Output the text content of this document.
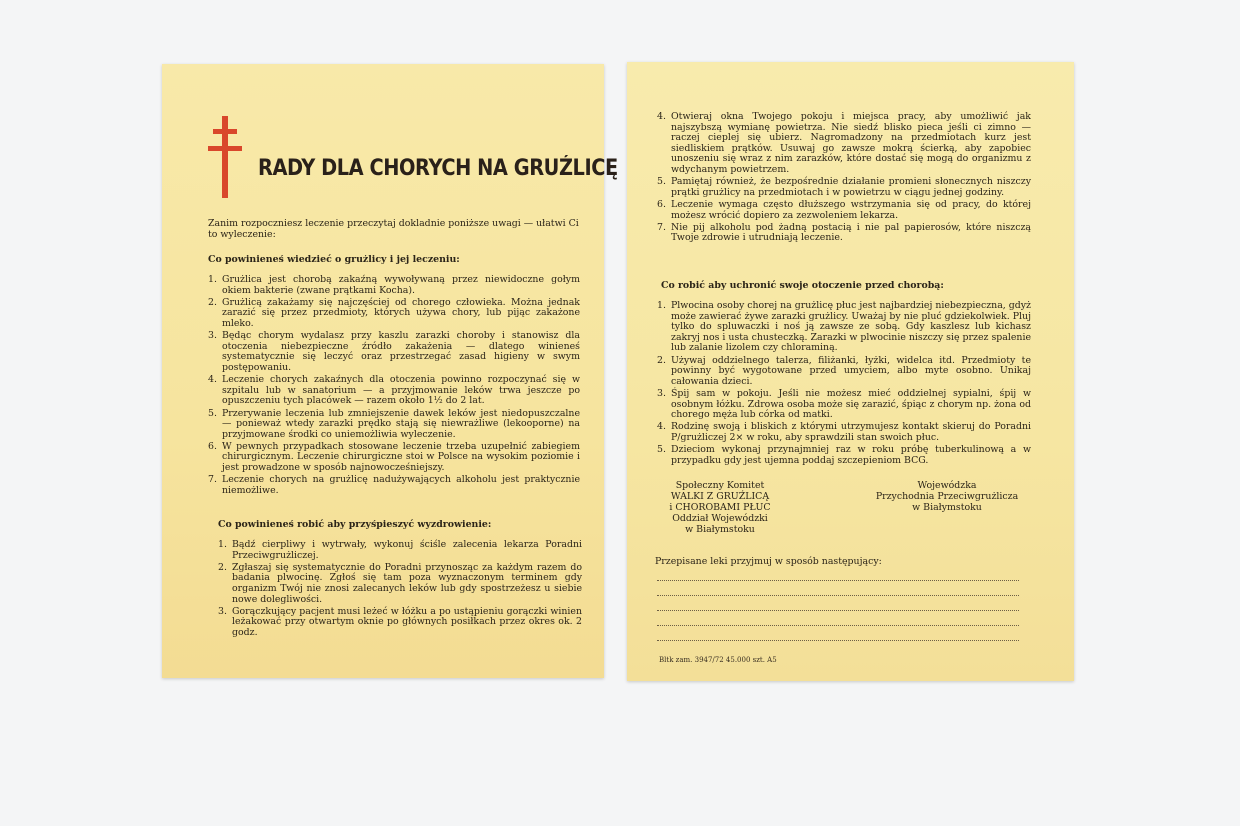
RADY DLA CHORYCH NA GRUŹLICĘ
Zanim rozpoczniesz leczenie przeczytaj dokladnie poniższe uwagi — ułatwi Ci to wyleczenie:
Co powinieneś wiedzieć o grużlicy i jej leczeniu:
1. Grużlica jest chorobą zakaźną wywoływaną przez niewidoczne gołym okiem bakterie (zwane prątkami Kocha).
2. Grużlicą zakażamy się najczęściej od chorego człowieka. Można jednak zarazić się przez przedmioty, których używa chory, lub pijąc zakażone mleko.
3. Będąc chorym wydalasz przy kaszlu zarazki choroby i stanowisz dla otoczenia niebezpieczne źródło zakażenia — dlatego winieneś systematycznie się leczyć oraz przestrzegać zasad higieny w swym postępowaniu.
4. Leczenie chorych zakaźnych dla otoczenia powinno rozpoczynać się w szpitalu lub w sanatorium — a przyjmowanie leków trwa jeszcze po opuszczeniu tych placówek — razem około 1½ do 2 lat.
5. Przerywanie leczenia lub zmniejszenie dawek leków jest niedopuszczalne — ponieważ wtedy zarazki prędko stają się niewrażliwe (lekooporne) na przyjmowane środki co uniemożliwia wyleczenie.
6. W pewnych przypadkach stosowane leczenie trzeba uzupełnić zabiegiem chirurgicznym. Leczenie chirurgiczne stoi w Polsce na wysokim poziomie i jest prowadzone w sposób najnowocześniejszy.
7. Leczenie chorych na grużlicę nadużywających alkoholu jest praktycznie niemożliwe.
Co powinieneś robić aby przyśpieszyć wyzdrowienie:
1. Bądź cierpliwy i wytrwały, wykonuj ściśle zalecenia lekarza Poradni Przeciwgrużliczej.
2. Zgłaszaj się systematycznie do Poradni przynosząc za każdym razem do badania plwocinę. Zgłoś się tam poza wyznaczonym terminem gdy organizm Twój nie znosi zalecanych leków lub gdy spostrzeżesz u siebie nowe dolegliwości.
3. Gorączkujący pacjent musi leżeć w łóżku a po ustąpieniu gorączki winien leżakować przy otwartym oknie po głównych posiłkach przez okres ok. 2 godz.
4. Otwieraj okna Twojego pokoju i miejsca pracy, aby umożliwić jak najszybszą wymianę powietrza. Nie siedź blisko pieca jeśli ci zimno — raczej cieplej się ubierz. Nagromadzony na przedmiotach kurz jest siedliskiem prątków. Usuwaj go zawsze mokrą ścierką, aby zapobiec unoszeniu się wraz z nim zarazków, które dostać się mogą do organizmu z wdychanym powietrzem.
5. Pamiętaj również, że bezpośrednie działanie promieni słonecznych niszczy prątki grużlicy na przedmiotach i w powietrzu w ciągu jednej godziny.
6. Leczenie wymaga często dłuższego wstrzymania się od pracy, do której możesz wrócić dopiero za zezwoleniem lekarza.
7. Nie pij alkoholu pod żadną postacią i nie pal papierosów, które niszczą Twoje zdrowie i utrudniają leczenie.
Co robić aby uchronić swoje otoczenie przed chorobą:
1. Plwocina osoby chorej na grużlicę płuc jest najbardziej niebezpieczna, gdyż może zawierać żywe zarazki grużlicy. Uważaj by nie pluć gdziekolwiek. Pluj tylko do spluwaczki i noś ją zawsze ze sobą. Gdy kaszlesz lub kichasz zakryj nos i usta chusteczką. Zarazki w plwocinie niszczy się przez spalenie lub zalanie lizolem czy chloraminą.
2. Używaj oddzielnego talerza, filiżanki, łyżki, widelca itd. Przedmioty te powinny być wygotowane przed umyciem, albo myte osobno. Unikaj całowania dzieci.
3. Śpij sam w pokoju. Jeśli nie możesz mieć oddzielnej sypialni, śpij w osobnym łóżku. Zdrowa osoba może się zarazić, śpiąc z chorym np. żona od chorego męża lub córka od matki.
4. Rodzinę swoją i bliskich z którymi utrzymujesz kontakt skieruj do Poradni P/grużliczej 2× w roku, aby sprawdzili stan swoich płuc.
5. Dzieciom wykonaj przynajmniej raz w roku próbę tuberkulinową a w przypadku gdy jest ujemna poddaj szczepieniom BCG.
Społeczny Komitet
WALKI Z GRUŹLICĄ
i CHOROBAMI PŁUC
Oddział Wojewódzki
w Białymstoku
Wojewódzka
Przychodnia Przeciwgrużlicza
w Białymstoku
Przepisane leki przyjmuj w sposób następujący:
Bltk zam. 3947/72 45.000 szt. A5
